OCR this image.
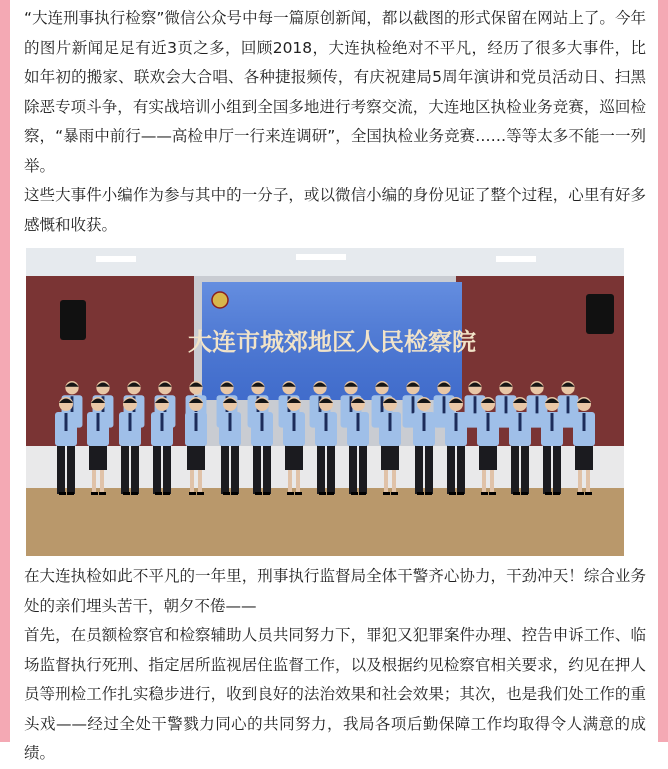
“大连刑事执行检察”微信公众号中每一篇原创新闻，都以截图的形式保留在网站上了。今年的图片新闻足足有近3页之多，回顾2018，大连执检绝对不平凡，经历了很多大事件，比如年初的搬家、联欢会大合唱、各种捷报频传，有庆祝建局5周年演讲和党员活动日、扫黑除恶专项斗争，有实战培训小组到全国多地进行考察交流，大连地区执检业务竞赛，巡回检察，“暴雨中前行——高检申厅一行来连调研”，全国执检业务竞赛……等等太多不能一一列举。

这些大事件小编作为参与其中的一分子，或以微信小编的身份见证了整个过程，心里有好多感慨和收获。

大连市城郊地区人民检察院

在大连执检如此不平凡的一年里，刑事执行监督局全体干警齐心协力，干劲冲天！综合业务处的亲们埋头苦干，朝夕不倦——

首先，在员额检察官和检察辅助人员共同努力下，罪犯又犯罪案件办理、控告申诉工作、临场监督执行死刑、指定居所监视居住监督工作，以及根据约见检察官相关要求，约见在押人员等刑检工作扎实稳步进行，收到良好的法治效果和社会效果；其次，也是我们处工作的重头戏——经过全处干警戮力同心的共同努力，我局各项后勤保障工作均取得令人满意的成绩。
